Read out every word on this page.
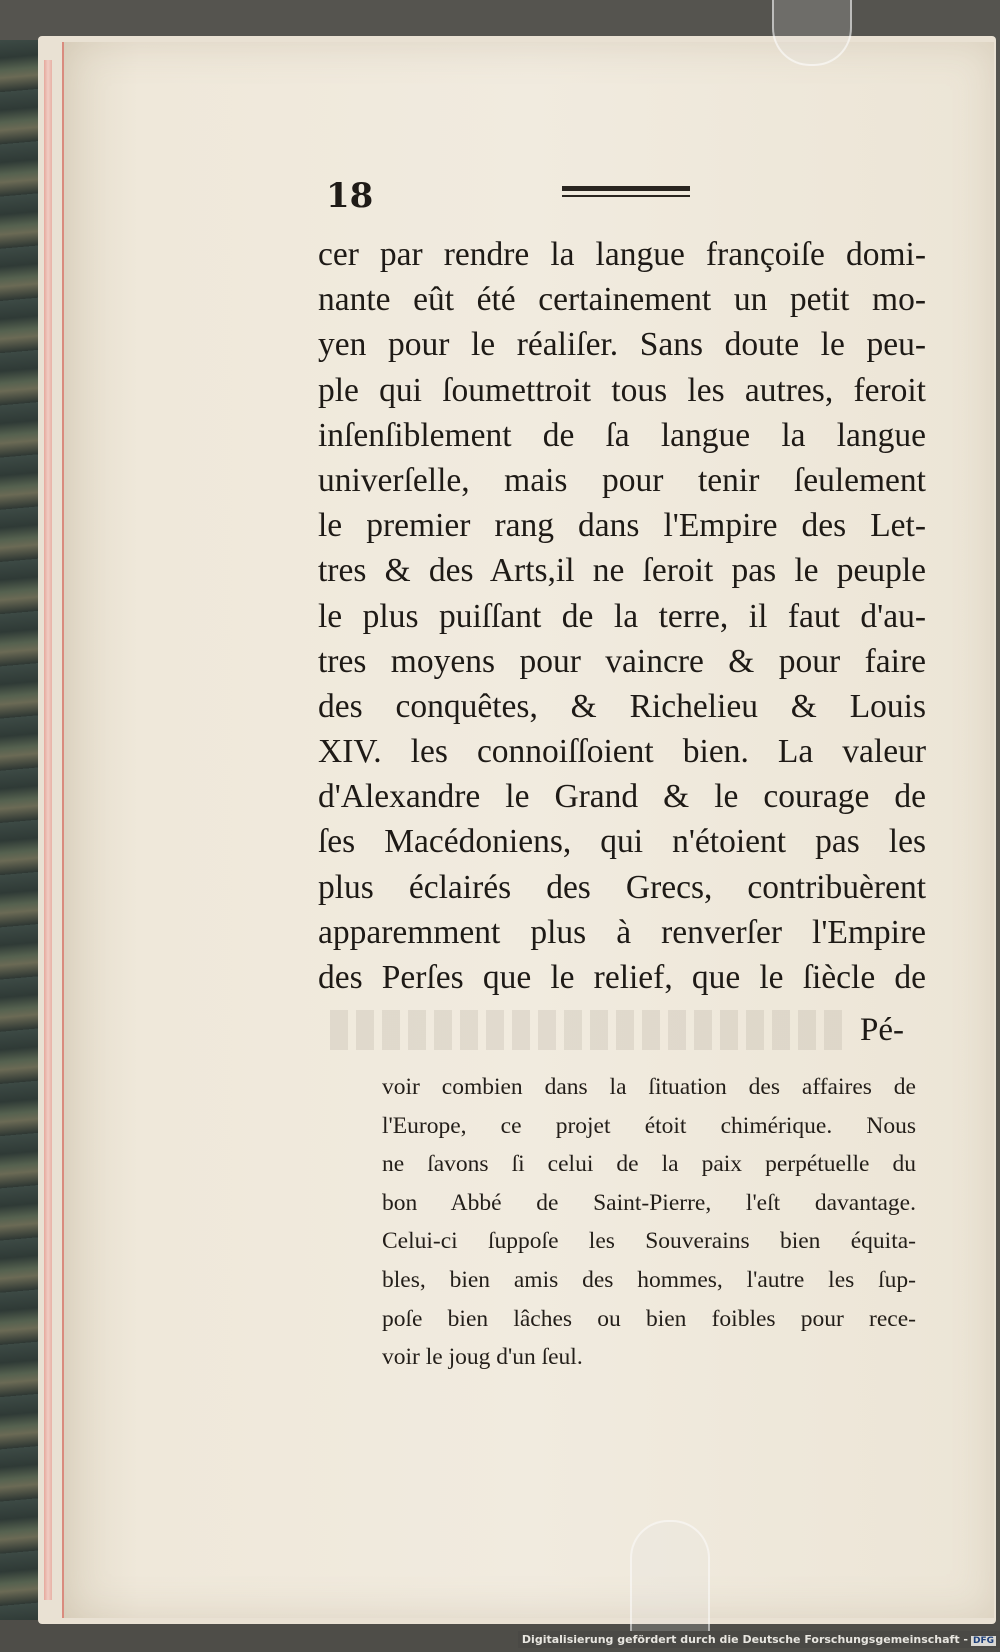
18
cer par rendre la langue françoiſe domi-
nante eût été certainement un petit mo-
yen pour le réaliſer. Sans doute le peu-
ple qui ſoumettroit tous les autres, feroit
inſenſiblement de ſa langue la langue
univerſelle, mais pour tenir ſeulement
le premier rang dans l'Empire des Let-
tres & des Arts,il ne ſeroit pas le peuple
le plus puiſſant de la terre, il faut d'au-
tres moyens pour vaincre & pour faire
des conquêtes, & Richelieu & Louis
XIV. les connoiſſoient bien. La valeur
d'Alexandre le Grand & le courage de
ſes Macédoniens, qui n'étoient pas les
plus éclairés des Grecs, contribuèrent
apparemment plus à renverſer l'Empire
des Perſes que le relief, que le ſiècle de
Pé-
voir combien dans la ſituation des affaires de
l'Europe, ce projet étoit chimérique. Nous
ne ſavons ſi celui de la paix perpétuelle du
bon Abbé de Saint-Pierre, l'eſt davantage.
Celui-ci ſuppoſe les Souverains bien équita-
bles, bien amis des hommes, l'autre les ſup-
poſe bien lâches ou bien foibles pour rece-
voir le joug d'un ſeul.
Digitalisierung gefördert durch die Deutsche Forschungsgemeinschaft - DFG
